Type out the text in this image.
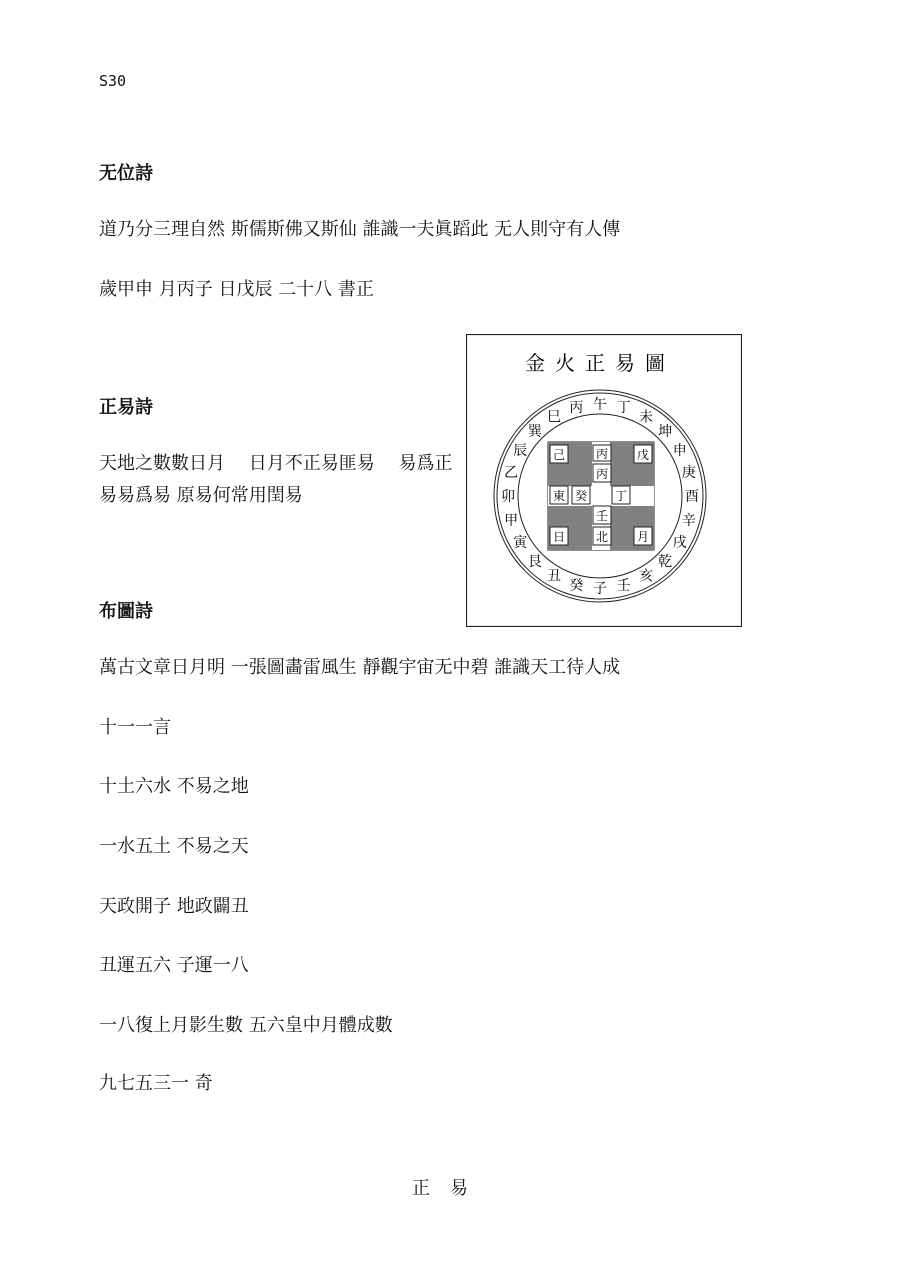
S30
无位詩
道乃分三理自然 斯儒斯佛又斯仙 誰識一夫眞蹈此 无人則守有人傳
歲甲申 月丙子 日戊辰 二十八 書正
正易詩
天地之數數日月　 日月不正易匪易　 易爲正
易易爲易 原易何常用閏易
布圖詩
萬古文章日月明 一張圖畵雷風生 靜觀宇宙无中碧 誰識天工待人成
十一一言
十土六水 不易之地
一水五土 不易之天
天政開子 地政闢丑
丑運五六 子運一八
一八復上月影生數 五六皇中月體成數
九七五三一 奇
金火正易圖
午 丁
未
坤
申
庚
酉
辛
戌
乾
亥
壬
子
癸
丑
艮
寅
甲
卯
乙
辰
巽
巳
丙
己	戊
日	月
丙
丙
東 癸 丁
壬
北
正易
